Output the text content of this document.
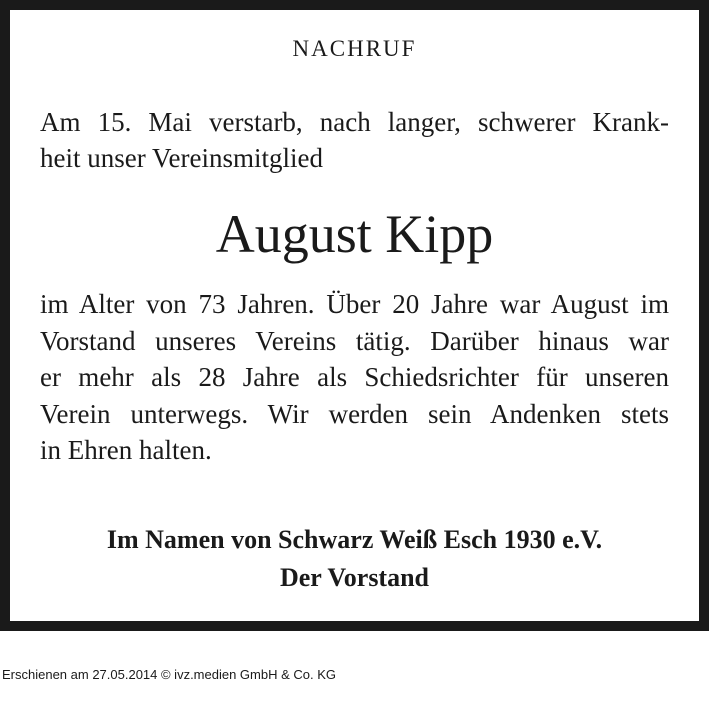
NACHRUF
Am 15. Mai verstarb, nach langer, schwerer Krank-
heit unser Vereinsmitglied
August Kipp
im Alter von 73 Jahren. Über 20 Jahre war August im
Vorstand unseres Vereins tätig. Darüber hinaus war
er mehr als 28 Jahre als Schiedsrichter für unseren
Verein unterwegs. Wir werden sein Andenken stets
in Ehren halten.
Im Namen von Schwarz Weiß Esch 1930 e.V.
Der Vorstand
Erschienen am 27.05.2014 © ivz.medien GmbH & Co. KG
